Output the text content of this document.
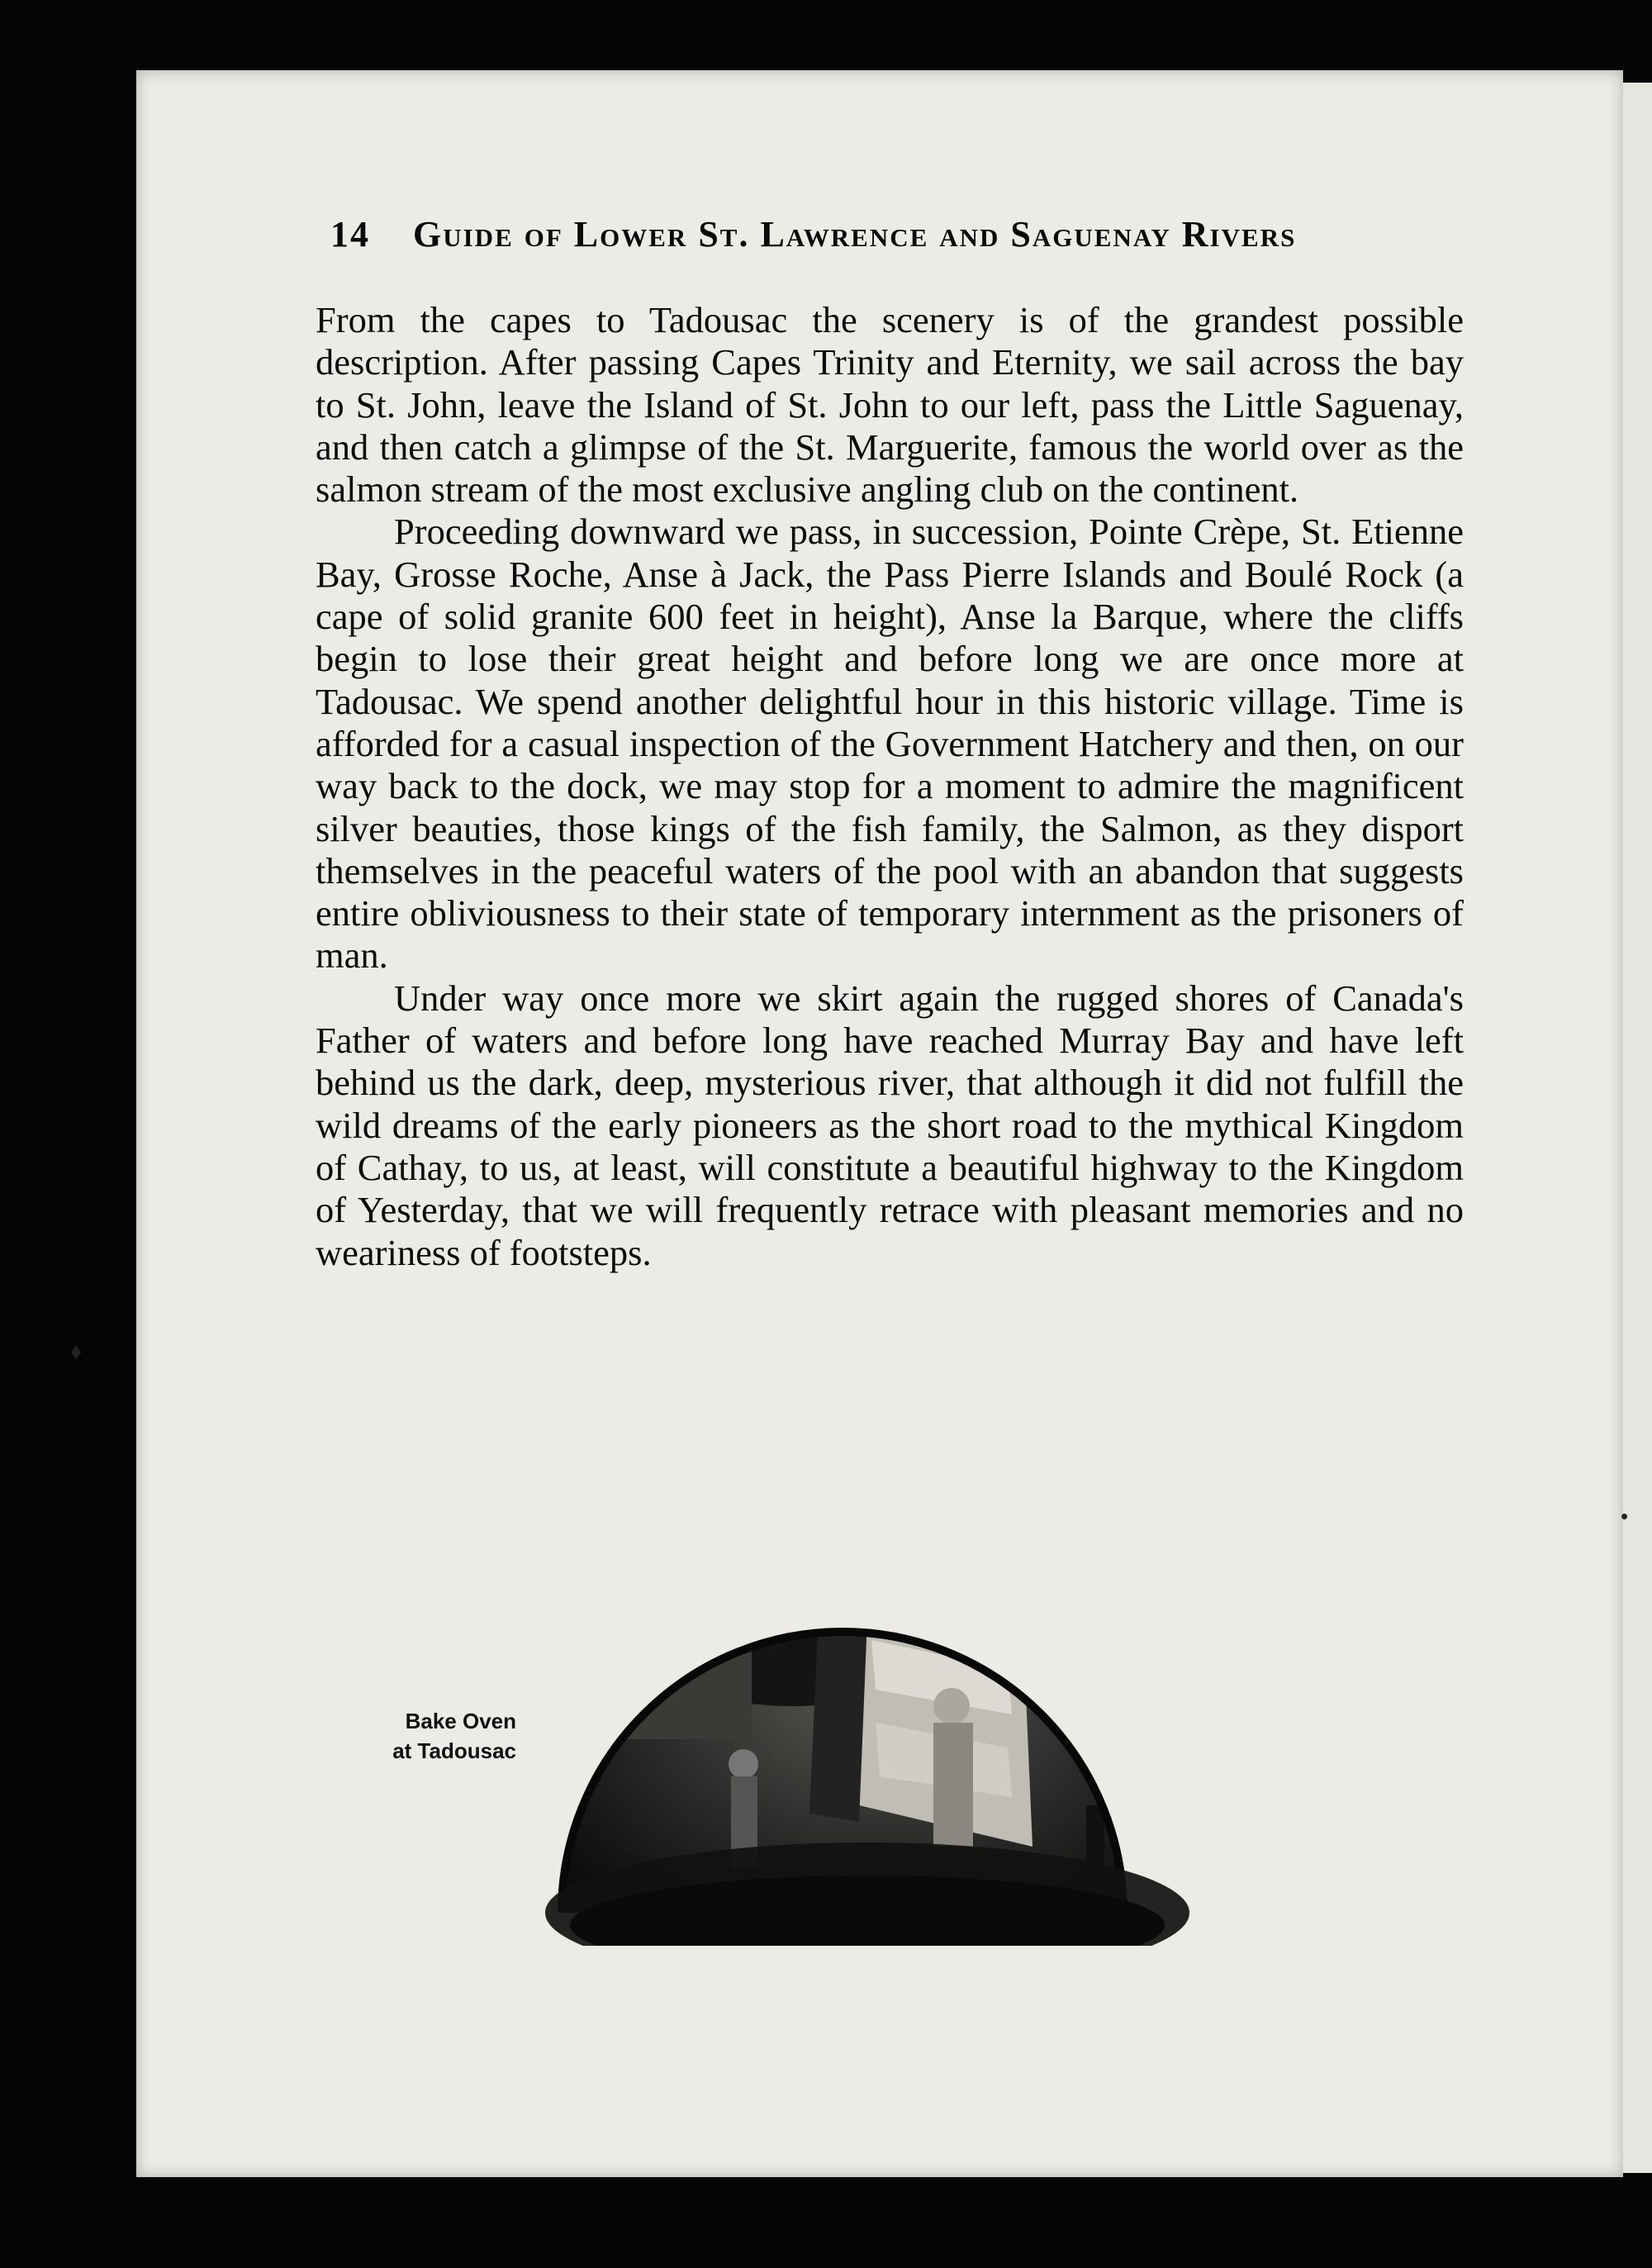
14 Guide of Lower St. Lawrence and Saguenay Rivers

From the capes to Tadousac the scenery is of the grandest possible description. After passing Capes Trinity and Eternity, we sail across the bay to St. John, leave the Island of St. John to our left, pass the Little Saguenay, and then catch a glimpse of the St. Marguerite, famous the world over as the salmon stream of the most exclusive angling club on the continent.

Proceeding downward we pass, in succession, Pointe Crèpe, St. Etienne Bay, Grosse Roche, Anse à Jack, the Pass Pierre Islands and Boulé Rock (a cape of solid granite 600 feet in height), Anse la Barque, where the cliffs begin to lose their great height and before long we are once more at Tadousac. We spend another delightful hour in this historic village. Time is afforded for a casual inspection of the Government Hatchery and then, on our way back to the dock, we may stop for a moment to admire the magnificent silver beauties, those kings of the fish family, the Salmon, as they disport themselves in the peaceful waters of the pool with an abandon that suggests entire obliviousness to their state of temporary internment as the prisoners of man.

Under way once more we skirt again the rugged shores of Canada's Father of waters and before long have reached Murray Bay and have left behind us the dark, deep, mysterious river, that although it did not fulfill the wild dreams of the early pioneers as the short road to the mythical Kingdom of Cathay, to us, at least, will constitute a beautiful highway to the Kingdom of Yesterday, that we will frequently retrace with pleasant memories and no weariness of footsteps.

Bake Oven
at Tadousac
♦
•
